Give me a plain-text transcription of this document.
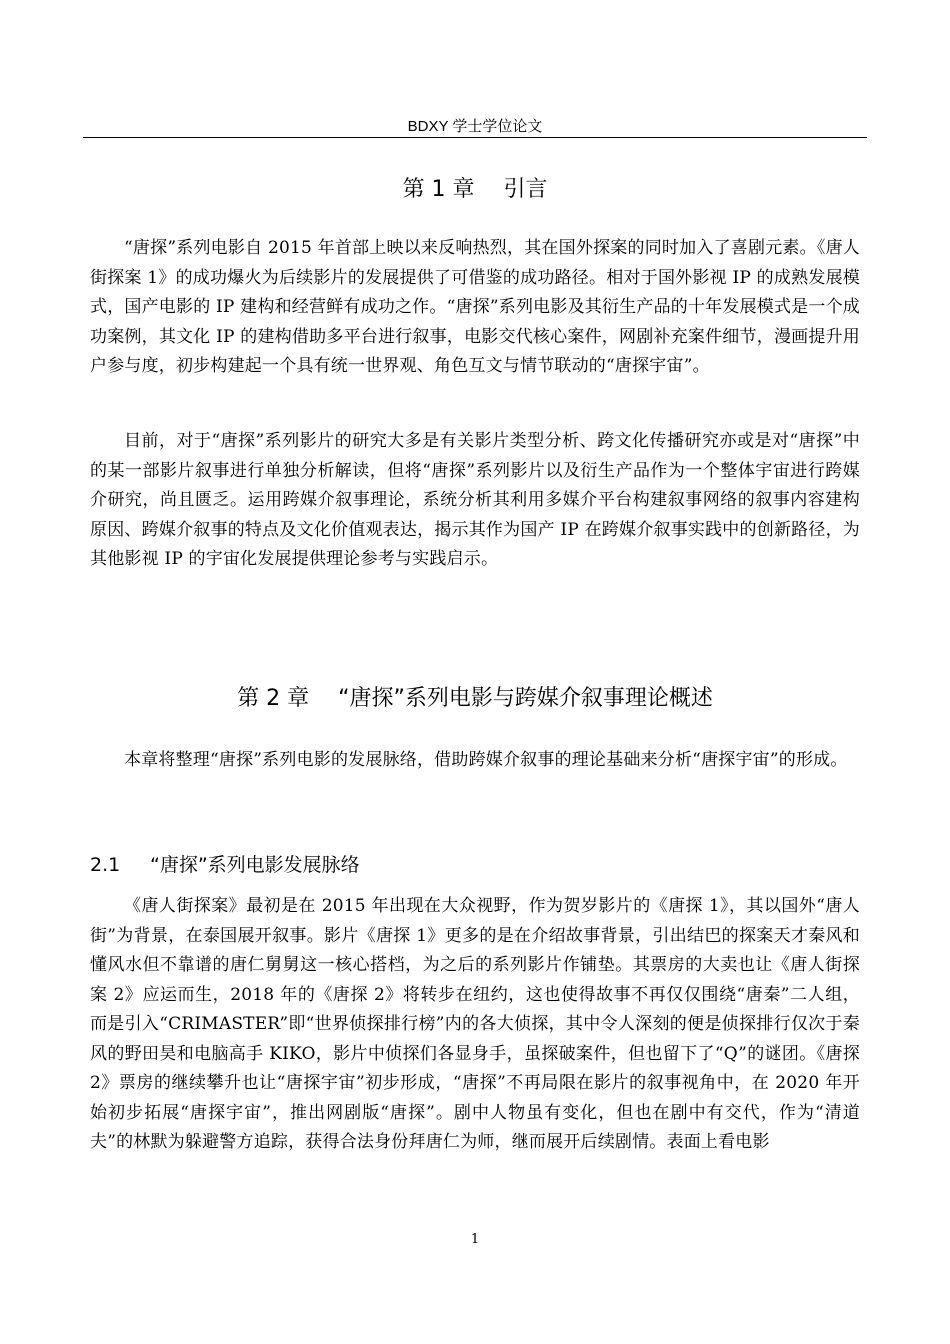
BDXY 学士学位论文
第 1 章　 引言

“唐探”系列电影自 2015 年首部上映以来反响热烈，其在国外探案的同时加入了喜剧元素。《唐人街探案 1》的成功爆火为后续影片的发展提供了可借鉴的成功路径。相对于国外影视 IP 的成熟发展模式，国产电影的 IP 建构和经营鲜有成功之作。“唐探”系列电影及其衍生产品的十年发展模式是一个成功案例，其文化 IP 的建构借助多平台进行叙事，电影交代核心案件，网剧补充案件细节，漫画提升用户参与度，初步构建起一个具有统一世界观、角色互文与情节联动的“唐探宇宙”。

目前，对于“唐探”系列影片的研究大多是有关影片类型分析、跨文化传播研究亦或是对“唐探”中的某一部影片叙事进行单独分析解读，但将“唐探”系列影片以及衍生产品作为一个整体宇宙进行跨媒介研究，尚且匮乏。运用跨媒介叙事理论，系统分析其利用多媒介平台构建叙事网络的叙事内容建构原因、跨媒介叙事的特点及文化价值观表达，揭示其作为国产 IP 在跨媒介叙事实践中的创新路径，为其他影视 IP 的宇宙化发展提供理论参考与实践启示。

第 2 章　 “唐探”系列电影与跨媒介叙事理论概述

本章将整理“唐探”系列电影的发展脉络，借助跨媒介叙事的理论基础来分析“唐探宇宙”的形成。

2.1 “唐探”系列电影发展脉络

《唐人街探案》最初是在 2015 年出现在大众视野，作为贺岁影片的《唐探 1》，其以国外“唐人街”为背景，在泰国展开叙事。影片《唐探 1》更多的是在介绍故事背景，引出结巴的探案天才秦风和懂风水但不靠谱的唐仁舅舅这一核心搭档，为之后的系列影片作铺垫。其票房的大卖也让《唐人街探案 2》应运而生，2018 年的《唐探 2》将转步在纽约，这也使得故事不再仅仅围绕“唐秦”二人组，而是引入“CRIMASTER”即“世界侦探排行榜”内的各大侦探，其中令人深刻的便是侦探排行仅次于秦风的野田昊和电脑高手 KIKO，影片中侦探们各显身手，虽探破案件，但也留下了“Q”的谜团。《唐探 2》票房的继续攀升也让“唐探宇宙”初步形成，“唐探”不再局限在影片的叙事视角中，在 2020 年开始初步拓展“唐探宇宙”，推出网剧版“唐探”。剧中人物虽有变化，但也在剧中有交代，作为“清道夫”的林默为躲避警方追踪，获得合法身份拜唐仁为师，继而展开后续剧情。表面上看电影

1
